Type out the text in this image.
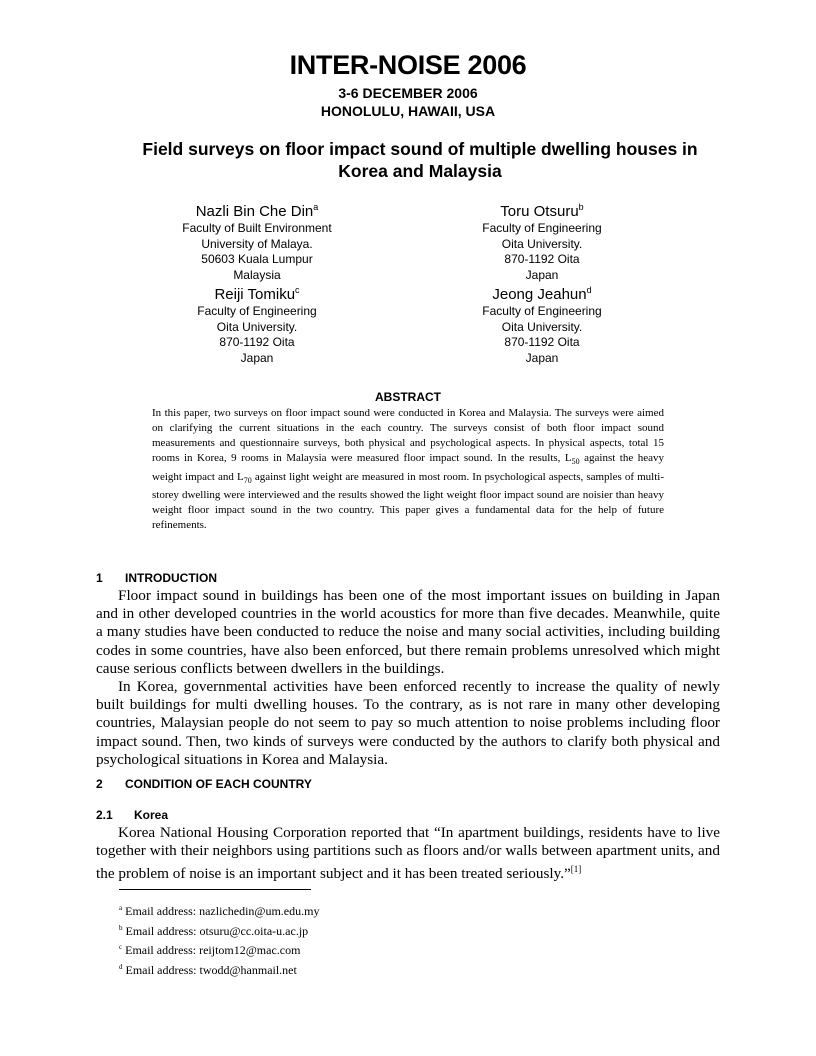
INTER-NOISE 2006
3-6 DECEMBER 2006
HONOLULU, HAWAII, USA
Field surveys on floor impact sound of multiple dwelling houses in
Korea and Malaysia
Nazli Bin Che Din$^a$
Faculty of Built Environment
University of Malaya.
50603 Kuala Lumpur
Malaysia
Toru Otsuru$^b$
Faculty of Engineering
Oita University.
870-1192 Oita
Japan
Reiji Tomiku$^c$
Faculty of Engineering
Oita University.
870-1192 Oita
Japan
Jeong Jeahun$^d$
Faculty of Engineering
Oita University.
870-1192 Oita
Japan
ABSTRACT
In this paper, two surveys on floor impact sound were conducted in Korea and Malaysia. The surveys were aimed on clarifying the current situations in the each country. The surveys consist of both floor impact sound measurements and questionnaire surveys, both physical and psychological aspects. In physical aspects, total 15 rooms in Korea, 9 rooms in Malaysia were measured floor impact sound. In the results, $L_{50}$ against the heavy weight impact and $L_{70}$ against light weight are measured in most room. In psychological aspects, samples of multi-storey dwelling were interviewed and the results showed the light weight floor impact sound are noisier than heavy weight floor impact sound in the two country. This paper gives a fundamental data for the help of future refinements.
1 INTRODUCTION
Floor impact sound in buildings has been one of the most important issues on building in Japan and in other developed countries in the world acoustics for more than five decades. Meanwhile, quite a many studies have been conducted to reduce the noise and many social activities, including building codes in some countries, have also been enforced, but there remain problems unresolved which might cause serious conflicts between dwellers in the buildings.
In Korea, governmental activities have been enforced recently to increase the quality of newly built buildings for multi dwelling houses. To the contrary, as is not rare in many other developing countries, Malaysian people do not seem to pay so much attention to noise problems including floor impact sound. Then, two kinds of surveys were conducted by the authors to clarify both physical and psychological situations in Korea and Malaysia.
2 CONDITION OF EACH COUNTRY
2.1 Korea
Korea National Housing Corporation reported that “In apartment buildings, residents have to live together with their neighbors using partitions such as floors and/or walls between apartment units, and the problem of noise is an important subject and it has been treated seriously.”[1]
$^a$ Email address: nazlichedin@um.edu.my
$^b$ Email address: otsuru@cc.oita-u.ac.jp
$^c$ Email address: reijtom12@mac.com
$^d$ Email address: twodd@hanmail.net
